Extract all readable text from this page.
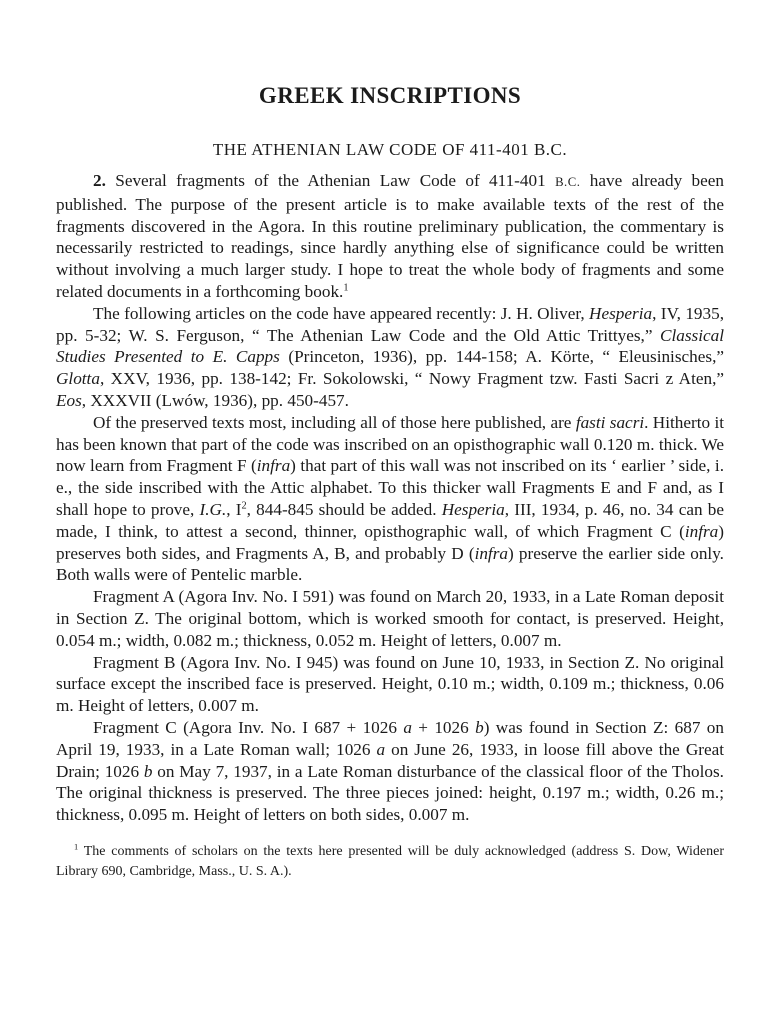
GREEK INSCRIPTIONS
THE ATHENIAN LAW CODE OF 411-401 B.C.

2. Several fragments of the Athenian Law Code of 411-401 B.C. have already been published. The purpose of the present article is to make available texts of the rest of the fragments discovered in the Agora. In this routine preliminary publication, the commentary is necessarily restricted to readings, since hardly anything else of significance could be written without involving a much larger study. I hope to treat the whole body of fragments and some related documents in a forthcoming book.$^1$

The following articles on the code have appeared recently: J. H. Oliver, Hesperia, IV, 1935, pp. 5-32; W. S. Ferguson, “ The Athenian Law Code and the Old Attic Trittyes,” Classical Studies Presented to E. Capps (Princeton, 1936), pp. 144-158; A. Körte, “ Eleusinisches,” Glotta, XXV, 1936, pp. 138-142; Fr. Sokolowski, “ Nowy Fragment tzw. Fasti Sacri z Aten,” Eos, XXXVII (Lwów, 1936), pp. 450-457.

Of the preserved texts most, including all of those here published, are fasti sacri. Hitherto it has been known that part of the code was inscribed on an opisthographic wall 0.120 m. thick. We now learn from Fragment F (infra) that part of this wall was not inscribed on its ‘ earlier ’ side, i. e., the side inscribed with the Attic alphabet. To this thicker wall Fragments E and F and, as I shall hope to prove, I.G., $I^2$, 844-845 should be added. Hesperia, III, 1934, p. 46, no. 34 can be made, I think, to attest a second, thinner, opisthographic wall, of which Fragment C (infra) preserves both sides, and Fragments A, B, and probably D (infra) preserve the earlier side only. Both walls were of Pentelic marble.

Fragment A (Agora Inv. No. I 591) was found on March 20, 1933, in a Late Roman deposit in Section Z. The original bottom, which is worked smooth for contact, is preserved. Height, 0.054 m.; width, 0.082 m.; thickness, 0.052 m. Height of letters, 0.007 m.

Fragment B (Agora Inv. No. I 945) was found on June 10, 1933, in Section Z. No original surface except the inscribed face is preserved. Height, 0.10 m.; width, 0.109 m.; thickness, 0.06 m. Height of letters, 0.007 m.

Fragment C (Agora Inv. No. I 687 + 1026 a + 1026 b) was found in Section Z: 687 on April 19, 1933, in a Late Roman wall; 1026 a on June 26, 1933, in loose fill above the Great Drain; 1026 b on May 7, 1937, in a Late Roman disturbance of the classical floor of the Tholos. The original thickness is preserved. The three pieces joined: height, 0.197 m.; width, 0.26 m.; thickness, 0.095 m. Height of letters on both sides, 0.007 m.

$^1$ The comments of scholars on the texts here presented will be duly acknowledged (address S. Dow, Widener Library 690, Cambridge, Mass., U. S. A.).
